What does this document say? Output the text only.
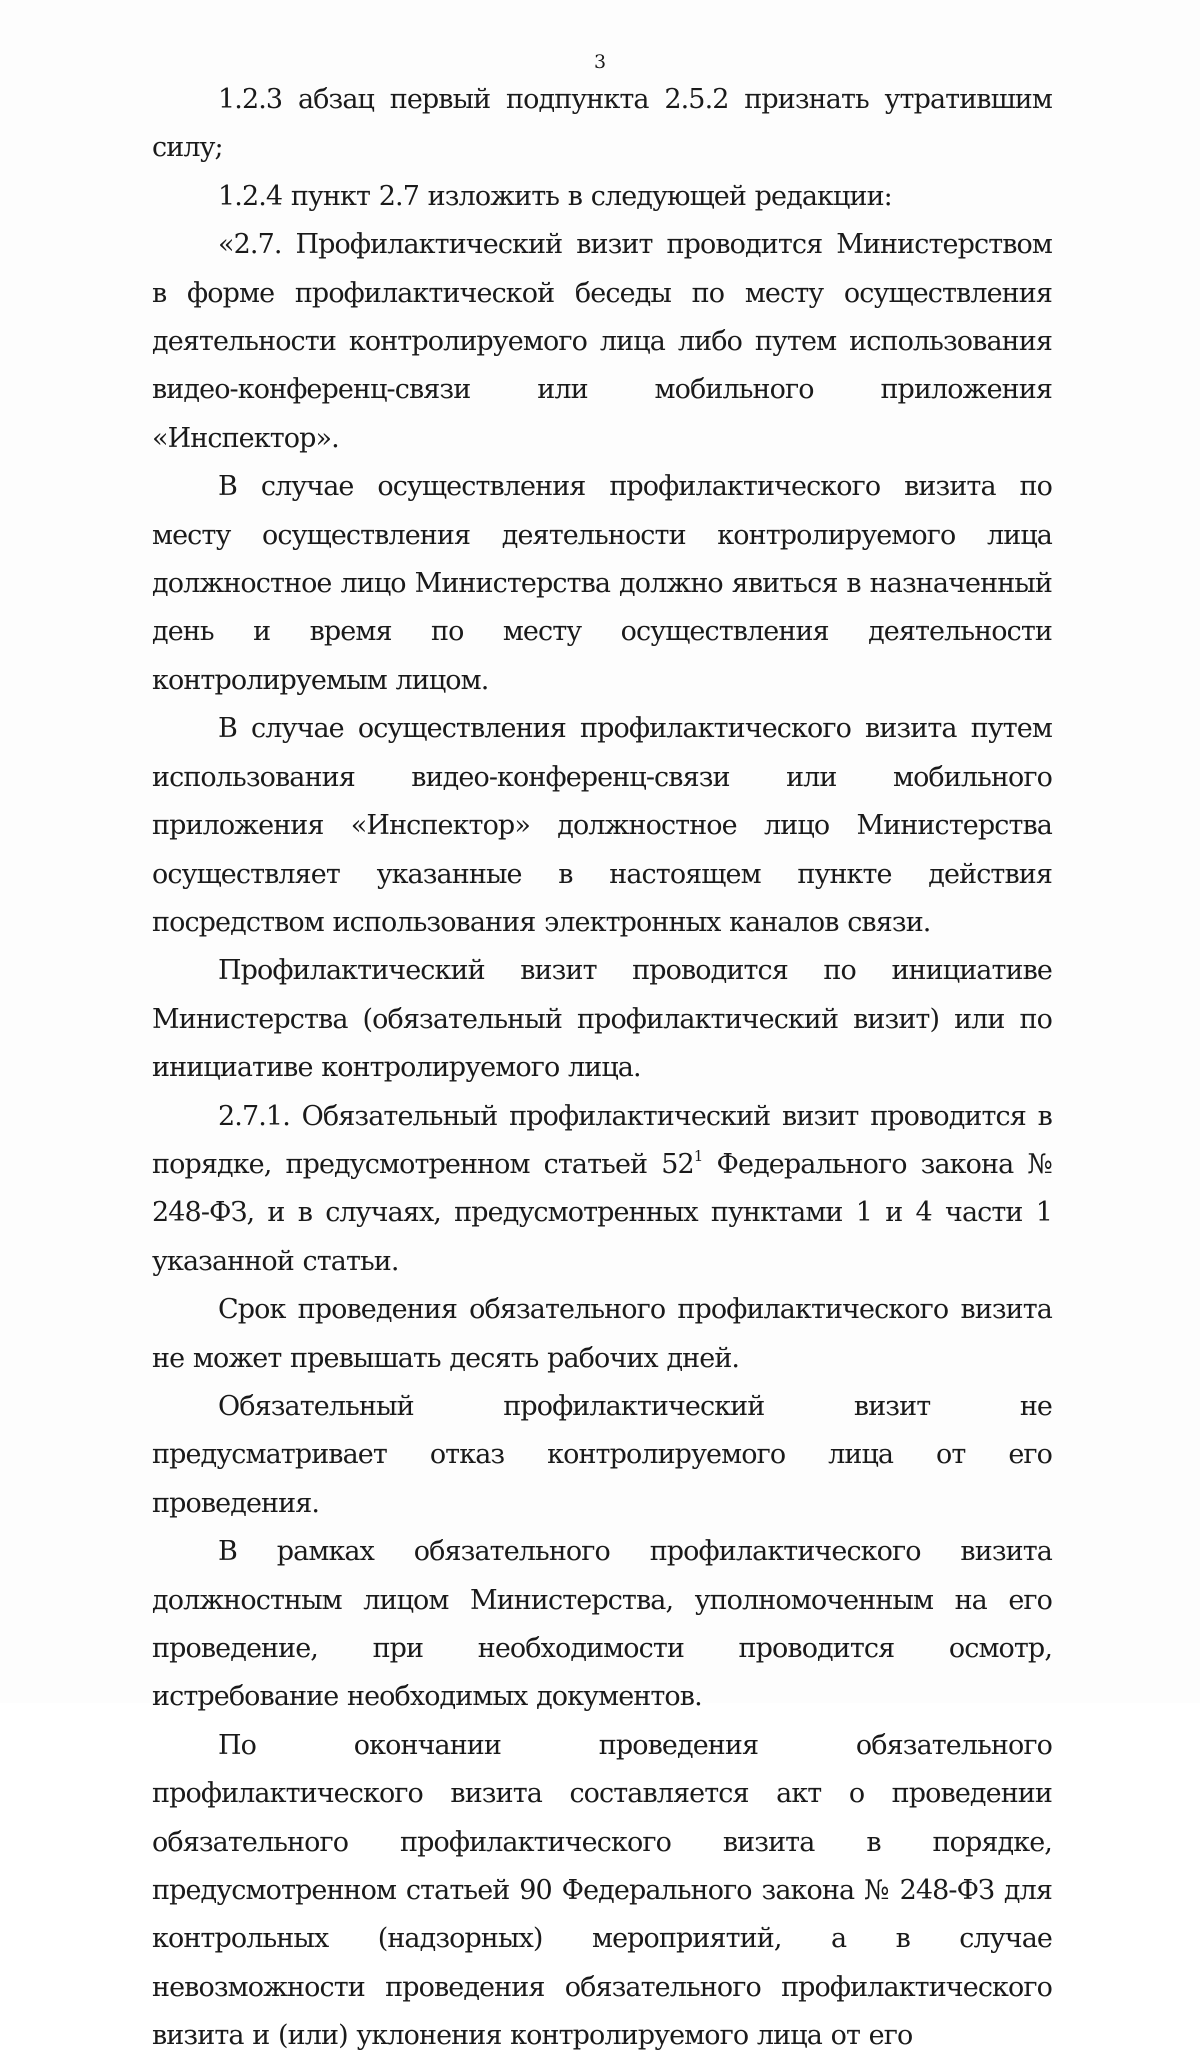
3

1.2.3 абзац первый подпункта 2.5.2 признать утратившим силу;

1.2.4 пункт 2.7 изложить в следующей редакции:

«2.7. Профилактический визит проводится Министерством в форме профилактической беседы по месту осуществления деятельности контролируемого лица либо путем использования видео-конференц-связи или мобильного приложения «Инспектор».

В случае осуществления профилактического визита по месту осуществления деятельности контролируемого лица должностное лицо Министерства должно явиться в назначенный день и время по месту осуществления деятельности контролируемым лицом.

В случае осуществления профилактического визита путем использования видео-конференц-связи или мобильного приложения «Инспектор» должностное лицо Министерства осуществляет указанные в настоящем пункте действия посредством использования электронных каналов связи.

Профилактический визит проводится по инициативе Министерства (обязательный профилактический визит) или по инициативе контролируемого лица.

2.7.1. Обязательный профилактический визит проводится в порядке, предусмотренном статьей $52^1$ Федерального закона № 248-ФЗ, и в случаях, предусмотренных пунктами 1 и 4 части 1 указанной статьи.

Срок проведения обязательного профилактического визита не может превышать десять рабочих дней.

Обязательный профилактический визит не предусматривает отказ контролируемого лица от его проведения.

В рамках обязательного профилактического визита должностным лицом Министерства, уполномоченным на его проведение, при необходимости проводится осмотр, истребование необходимых документов.

По окончании проведения обязательного профилактического визита составляется акт о проведении обязательного профилактического визита в порядке, предусмотренном статьей 90 Федерального закона № 248-ФЗ для контрольных (надзорных) мероприятий, а в случае невозможности проведения обязательного профилактического визита и (или) уклонения контролируемого лица от его
